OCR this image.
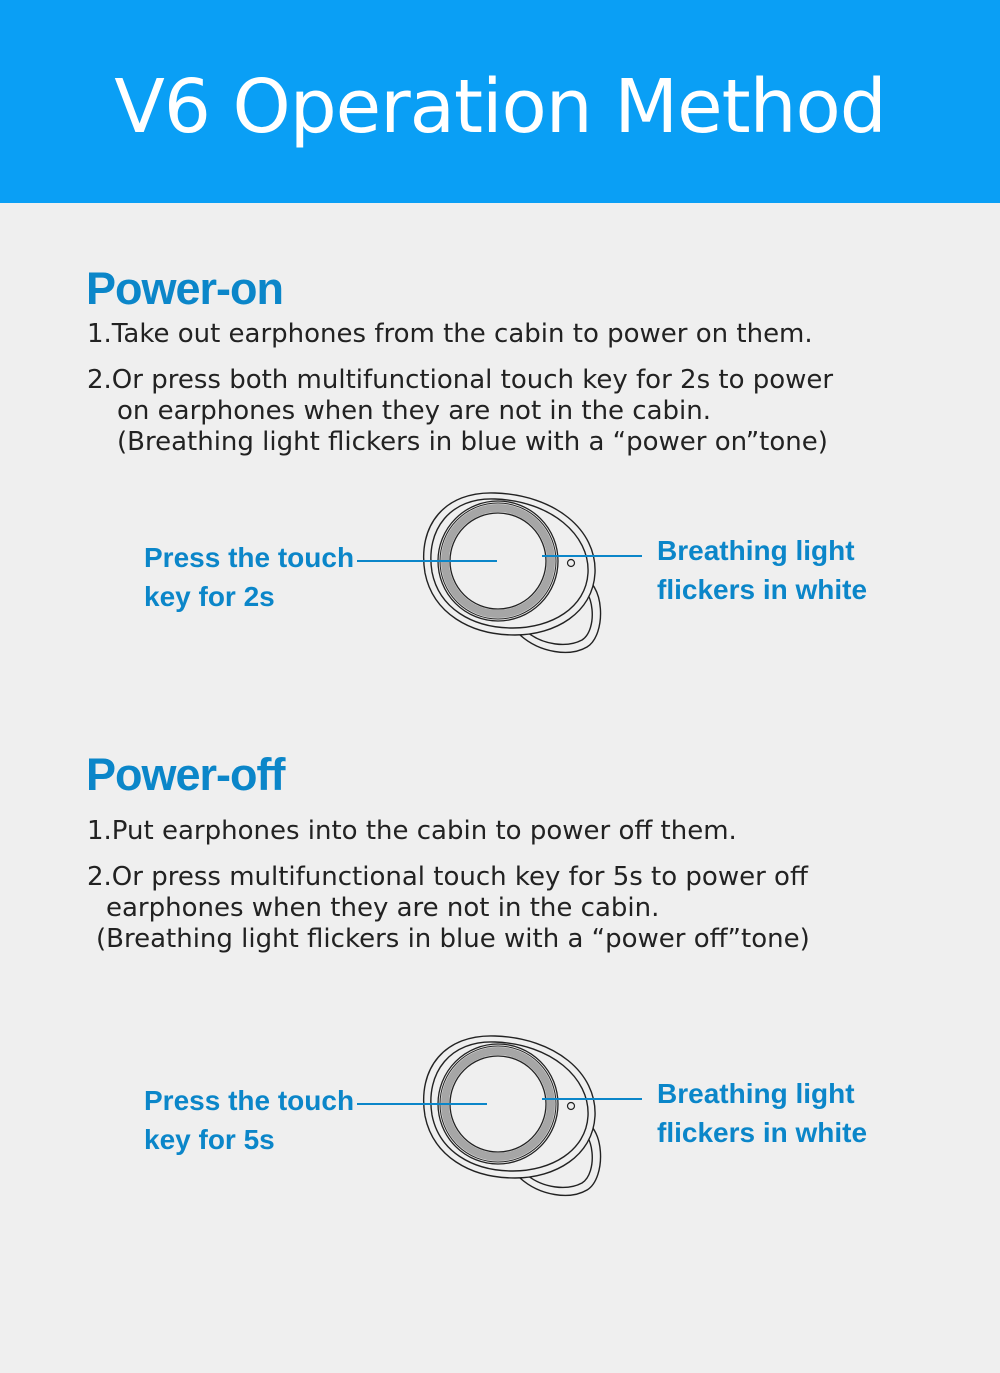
V6 Operation Method
Power-on
1.Take out earphones from the cabin to power on them.
2.Or press both multifunctional touch key for 2s to power
on earphones when they are not in the cabin.
(Breathing light flickers in blue with a “power on”tone)
Press the touch
key for 2s
Breathing light
flickers in white
Power-off
1.Put earphones into the cabin to power off them.
2.Or press multifunctional touch key for 5s to power off
earphones when they are not in the cabin.
(Breathing light flickers in blue with a “power off”tone)
Press the touch
key for 5s
Breathing light
flickers in white
